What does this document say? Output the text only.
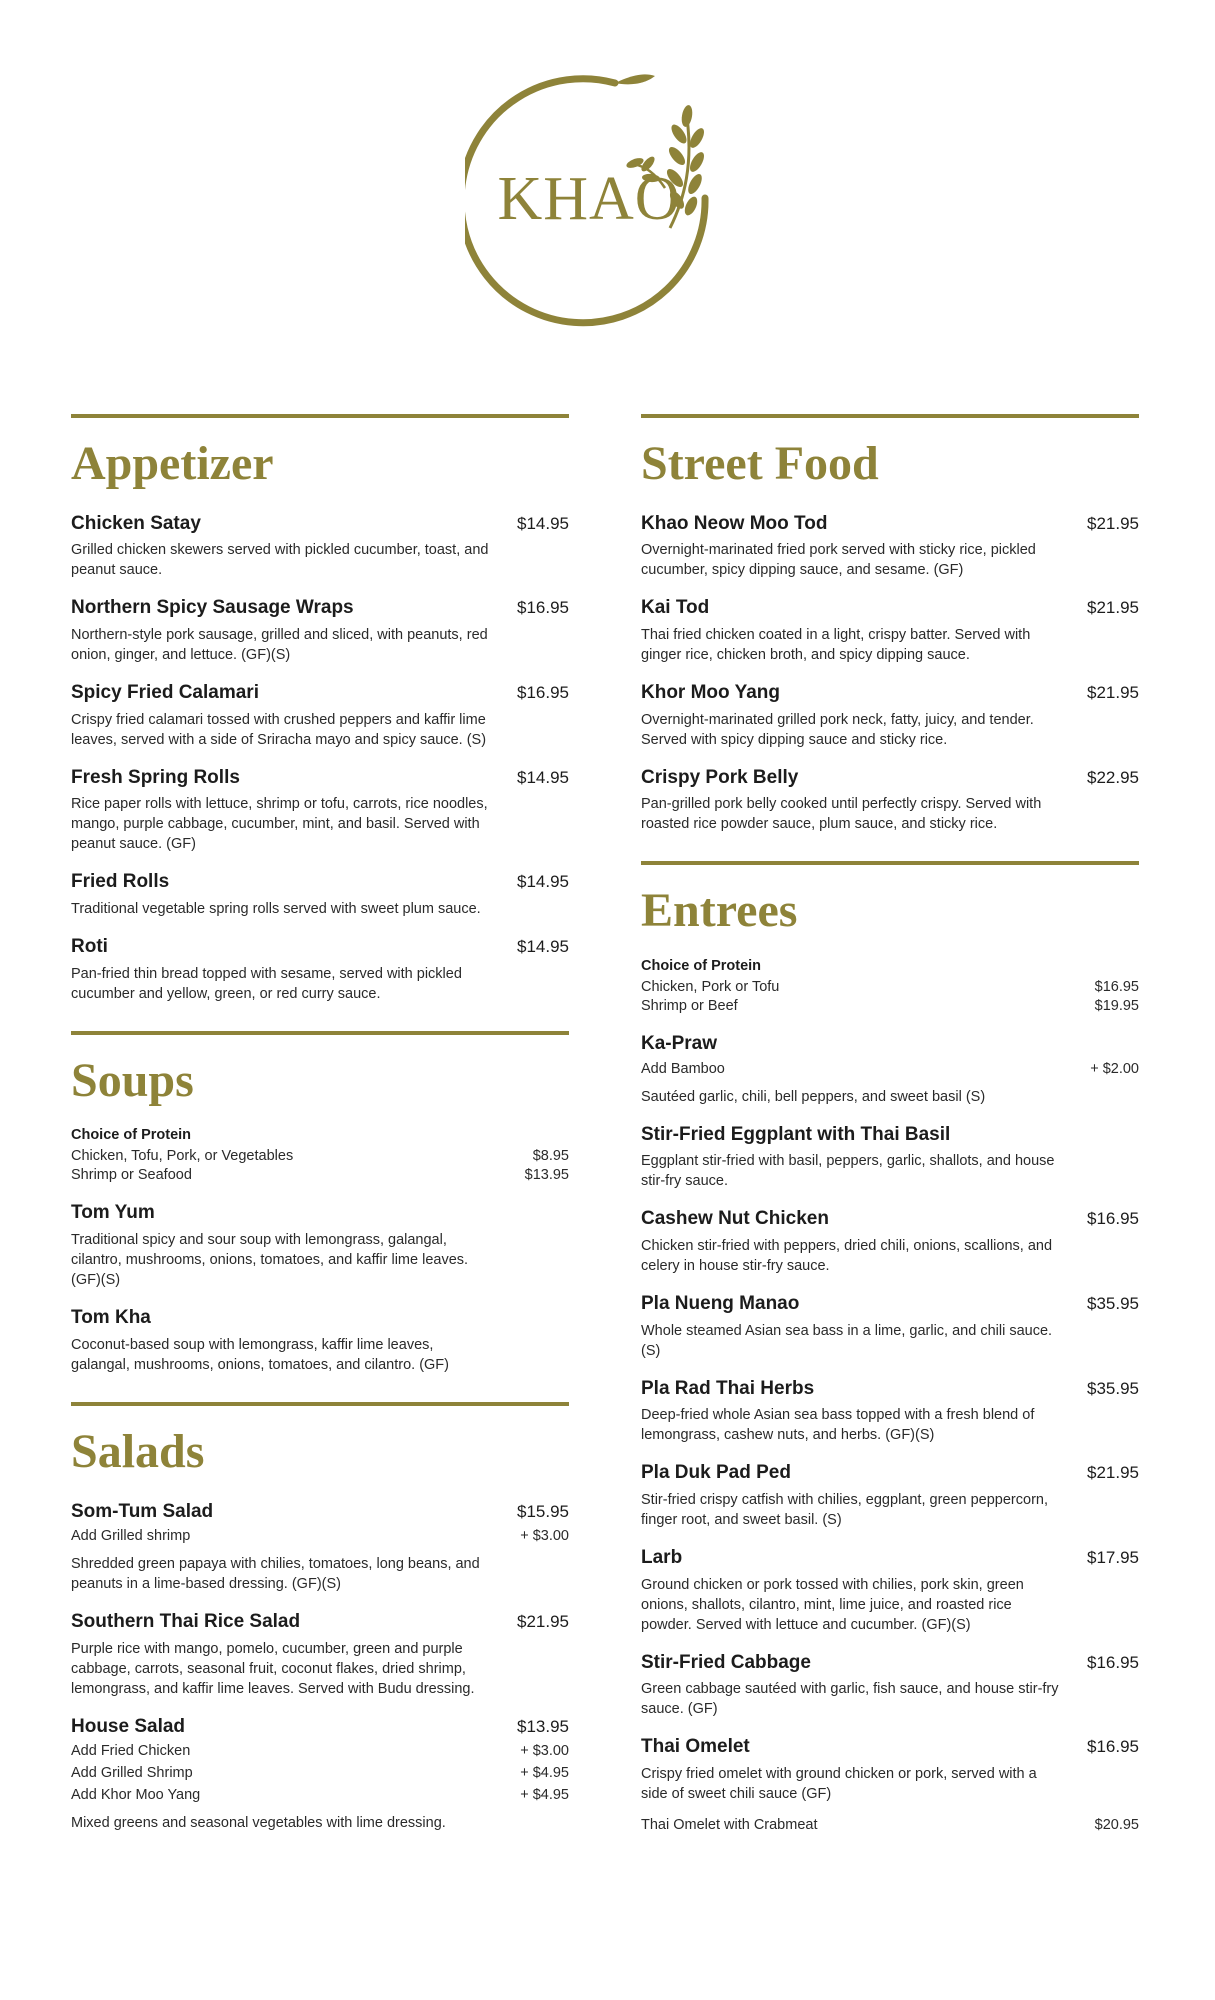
KHAO
Appetizer
Chicken Satay	$14.95
Grilled chicken skewers served with pickled cucumber, toast, and peanut sauce.
Northern Spicy Sausage Wraps	$16.95
Northern-style pork sausage, grilled and sliced, with peanuts, red onion, ginger, and lettuce. (GF)(S)
Spicy Fried Calamari	$16.95
Crispy fried calamari tossed with crushed peppers and kaffir lime leaves, served with a side of Sriracha mayo and spicy sauce. (S)
Fresh Spring Rolls	$14.95
Rice paper rolls with lettuce, shrimp or tofu, carrots, rice noodles, mango, purple cabbage, cucumber, mint, and basil. Served with peanut sauce. (GF)
Fried Rolls	$14.95
Traditional vegetable spring rolls served with sweet plum sauce.
Roti	$14.95
Pan-fried thin bread topped with sesame, served with pickled cucumber and yellow, green, or red curry sauce.
Soups
Choice of Protein
Chicken, Tofu, Pork, or Vegetables	$8.95
Shrimp or Seafood	$13.95
Tom Yum
Traditional spicy and sour soup with lemongrass, galangal, cilantro, mushrooms, onions, tomatoes, and kaffir lime leaves. (GF)(S)
Tom Kha
Coconut-based soup with lemongrass, kaffir lime leaves, galangal, mushrooms, onions, tomatoes, and cilantro. (GF)
Salads
Som-Tum Salad	$15.95
Add Grilled shrimp	+ $3.00
Shredded green papaya with chilies, tomatoes, long beans, and peanuts in a lime-based dressing. (GF)(S)
Southern Thai Rice Salad	$21.95
Purple rice with mango, pomelo, cucumber, green and purple cabbage, carrots, seasonal fruit, coconut flakes, dried shrimp, lemongrass, and kaffir lime leaves. Served with Budu dressing.
House Salad	$13.95
Add Fried Chicken	+ $3.00
Add Grilled Shrimp	+ $4.95
Add Khor Moo Yang	+ $4.95
Mixed greens and seasonal vegetables with lime dressing.
Street Food
Khao Neow Moo Tod	$21.95
Overnight-marinated fried pork served with sticky rice, pickled cucumber, spicy dipping sauce, and sesame. (GF)
Kai Tod	$21.95
Thai fried chicken coated in a light, crispy batter. Served with ginger rice, chicken broth, and spicy dipping sauce.
Khor Moo Yang	$21.95
Overnight-marinated grilled pork neck, fatty, juicy, and tender. Served with spicy dipping sauce and sticky rice.
Crispy Pork Belly	$22.95
Pan-grilled pork belly cooked until perfectly crispy. Served with roasted rice powder sauce, plum sauce, and sticky rice.
Entrees
Choice of Protein
Chicken, Pork or Tofu	$16.95
Shrimp or Beef	$19.95
Ka-Praw
Add Bamboo	+ $2.00
Sautéed garlic, chili, bell peppers, and sweet basil (S)
Stir-Fried Eggplant with Thai Basil
Eggplant stir-fried with basil, peppers, garlic, shallots, and house stir-fry sauce.
Cashew Nut Chicken	$16.95
Chicken stir-fried with peppers, dried chili, onions, scallions, and celery in house stir-fry sauce.
Pla Nueng Manao	$35.95
Whole steamed Asian sea bass in a lime, garlic, and chili sauce. (S)
Pla Rad Thai Herbs	$35.95
Deep-fried whole Asian sea bass topped with a fresh blend of lemongrass, cashew nuts, and herbs. (GF)(S)
Pla Duk Pad Ped	$21.95
Stir-fried crispy catfish with chilies, eggplant, green peppercorn, finger root, and sweet basil. (S)
Larb	$17.95
Ground chicken or pork tossed with chilies, pork skin, green onions, shallots, cilantro, mint, lime juice, and roasted rice powder. Served with lettuce and cucumber. (GF)(S)
Stir-Fried Cabbage	$16.95
Green cabbage sautéed with garlic, fish sauce, and house stir-fry sauce. (GF)
Thai Omelet	$16.95
Crispy fried omelet with ground chicken or pork, served with a side of sweet chili sauce (GF)
Thai Omelet with Crabmeat	$20.95
